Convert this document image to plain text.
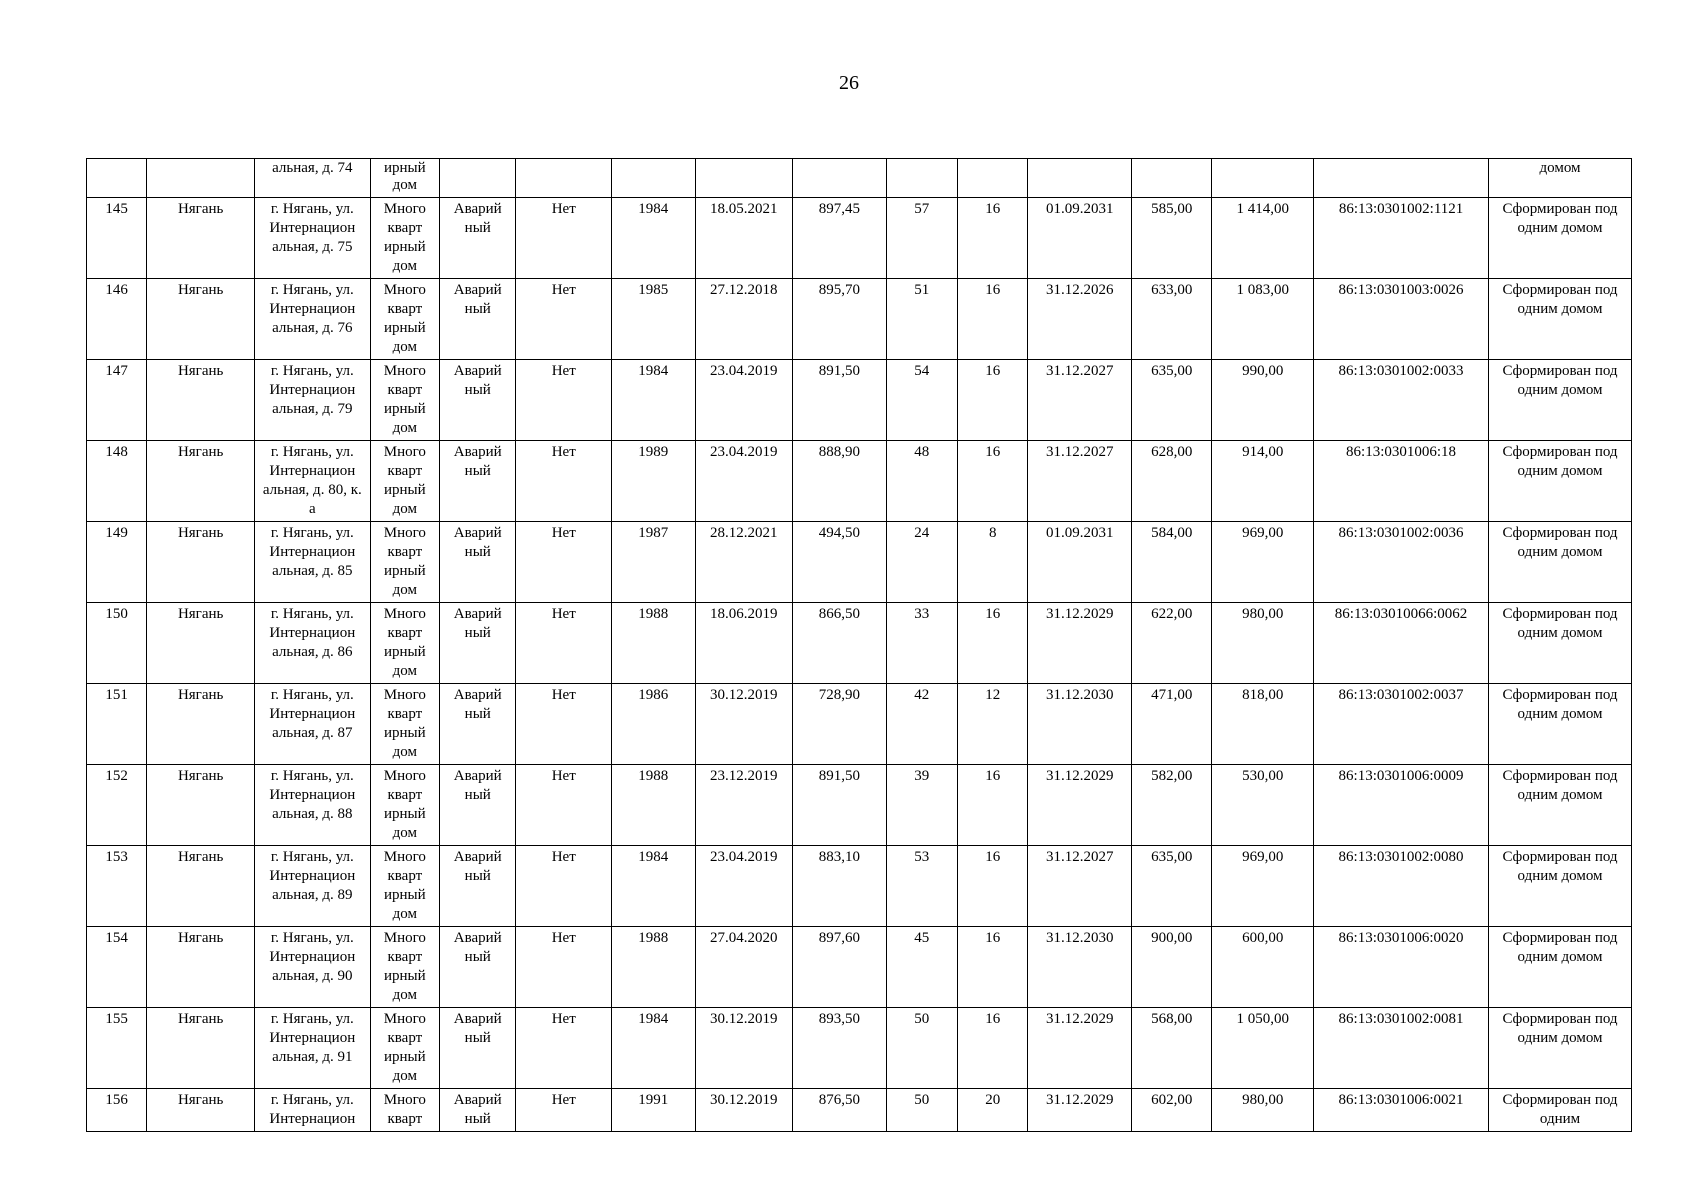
26
		альная, д. 74	ирный дом												домом
145	Нягань	г. Нягань, ул. Интернацион альная, д. 75	Много кварт ирный дом	Аварий ный	Нет	1984	18.05.2021	897,45	57	16	01.09.2031	585,00	1 414,00	86:13:0301002:1121	Сформирован под одним домом
146	Нягань	г. Нягань, ул. Интернацион альная, д. 76	Много кварт ирный дом	Аварий ный	Нет	1985	27.12.2018	895,70	51	16	31.12.2026	633,00	1 083,00	86:13:0301003:0026	Сформирован под одним домом
147	Нягань	г. Нягань, ул. Интернацион альная, д. 79	Много кварт ирный дом	Аварий ный	Нет	1984	23.04.2019	891,50	54	16	31.12.2027	635,00	990,00	86:13:0301002:0033	Сформирован под одним домом
148	Нягань	г. Нягань, ул. Интернацион альная, д. 80, к. а	Много кварт ирный дом	Аварий ный	Нет	1989	23.04.2019	888,90	48	16	31.12.2027	628,00	914,00	86:13:0301006:18	Сформирован под одним домом
149	Нягань	г. Нягань, ул. Интернацион альная, д. 85	Много кварт ирный дом	Аварий ный	Нет	1987	28.12.2021	494,50	24	8	01.09.2031	584,00	969,00	86:13:0301002:0036	Сформирован под одним домом
150	Нягань	г. Нягань, ул. Интернацион альная, д. 86	Много кварт ирный дом	Аварий ный	Нет	1988	18.06.2019	866,50	33	16	31.12.2029	622,00	980,00	86:13:03010066:0062	Сформирован под одним домом
151	Нягань	г. Нягань, ул. Интернацион альная, д. 87	Много кварт ирный дом	Аварий ный	Нет	1986	30.12.2019	728,90	42	12	31.12.2030	471,00	818,00	86:13:0301002:0037	Сформирован под одним домом
152	Нягань	г. Нягань, ул. Интернацион альная, д. 88	Много кварт ирный дом	Аварий ный	Нет	1988	23.12.2019	891,50	39	16	31.12.2029	582,00	530,00	86:13:0301006:0009	Сформирован под одним домом
153	Нягань	г. Нягань, ул. Интернацион альная, д. 89	Много кварт ирный дом	Аварий ный	Нет	1984	23.04.2019	883,10	53	16	31.12.2027	635,00	969,00	86:13:0301002:0080	Сформирован под одним домом
154	Нягань	г. Нягань, ул. Интернацион альная, д. 90	Много кварт ирный дом	Аварий ный	Нет	1988	27.04.2020	897,60	45	16	31.12.2030	900,00	600,00	86:13:0301006:0020	Сформирован под одним домом
155	Нягань	г. Нягань, ул. Интернацион альная, д. 91	Много кварт ирный дом	Аварий ный	Нет	1984	30.12.2019	893,50	50	16	31.12.2029	568,00	1 050,00	86:13:0301002:0081	Сформирован под одним домом
156	Нягань	г. Нягань, ул. Интернацион	Много кварт	Аварий ный	Нет	1991	30.12.2019	876,50	50	20	31.12.2029	602,00	980,00	86:13:0301006:0021	Сформирован под одним
